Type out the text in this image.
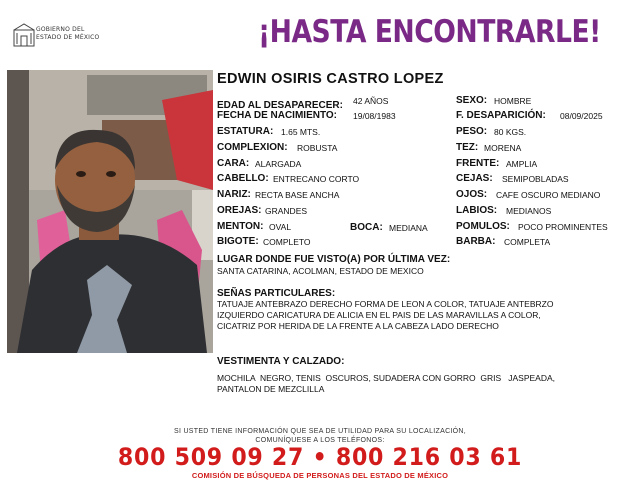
GOBIERNO DEL
ESTADO DE MÉXICO	¡HASTA ENCONTRARLE!
EDWIN OSIRIS CASTRO LOPEZ
EDAD AL DESAPARECER: 42 AÑOS
FECHA DE NACIMIENTO: 19/08/1983
ESTATURA: 1.65 MTS.
COMPLEXION: ROBUSTA
CARA: ALARGADA
CABELLO: ENTRECANO CORTO
NARIZ: RECTA BASE ANCHA
OREJAS: GRANDES
MENTON: OVAL	BOCA: MEDIANA
BIGOTE: COMPLETO
SEXO: HOMBRE
F. DESAPARICIÓN: 08/09/2025
PESO: 80 KGS.
TEZ: MORENA
FRENTE: AMPLIA
CEJAS: SEMIPOBLADAS
OJOS: CAFE OSCURO MEDIANO
LABIOS: MEDIANOS
POMULOS: POCO PROMINENTES
BARBA: COMPLETA
LUGAR DONDE FUE VISTO(A) POR ÚLTIMA VEZ:
SANTA CATARINA, ACOLMAN, ESTADO DE MEXICO
SEÑAS PARTICULARES:
TATUAJE ANTEBRAZO DERECHO FORMA DE LEON A COLOR, TATUAJE ANTEBRZO
IZQUIERDO CARICATURA DE ALICIA EN EL PAIS DE LAS MARAVILLAS A COLOR,
CICATRIZ POR HERIDA DE LA FRENTE A LA CABEZA LADO DERECHO
VESTIMENTA Y CALZADO:
MOCHILA  NEGRO, TENIS  OSCUROS, SUDADERA CON GORRO  GRIS   JASPEADA,
PANTALON DE MEZCLILLA
SI USTED TIENE INFORMACIÓN QUE SEA DE UTILIDAD PARA SU LOCALIZACIÓN,
COMUNÍQUESE A LOS TELÉFONOS:
800 509 09 27 • 800 216 03 61
COMISIÓN DE BÚSQUEDA DE PERSONAS DEL ESTADO DE MÉXICO
